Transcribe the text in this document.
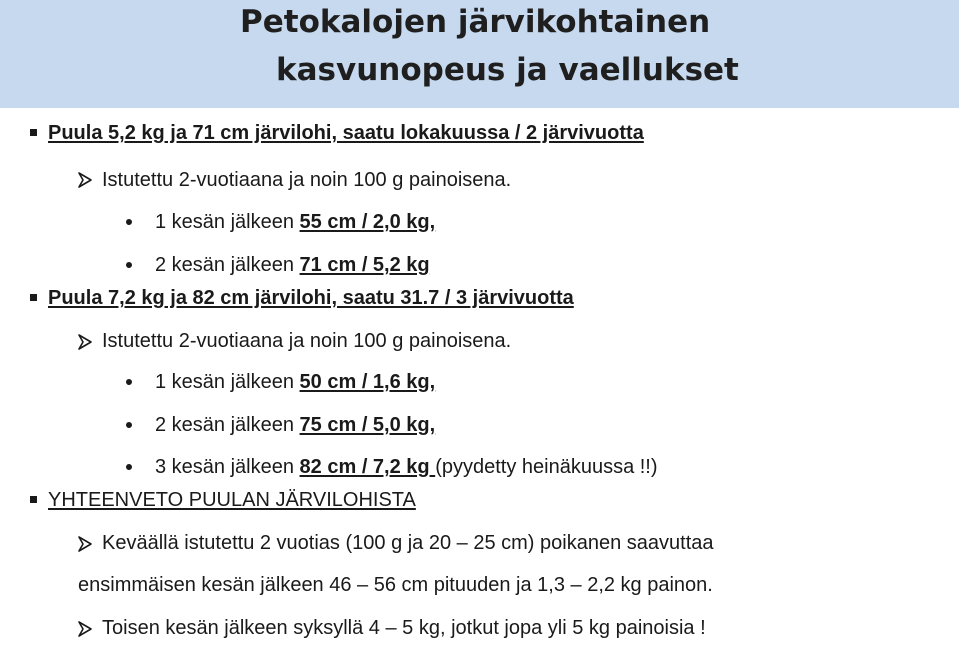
Petokalojen järvikohtainen
kasvunopeus ja vaellukset
Puula 5,2 kg ja 71 cm järvilohi, saatu lokakuussa / 2 järvivuotta
Istutettu 2-vuotiaana ja noin 100 g painoisena.
1 kesän jälkeen 55 cm / 2,0 kg,
2 kesän jälkeen 71 cm / 5,2 kg
Puula 7,2 kg ja 82 cm järvilohi, saatu 31.7 / 3 järvivuotta
Istutettu 2-vuotiaana ja noin 100 g painoisena.
1 kesän jälkeen 50 cm / 1,6 kg,
2 kesän jälkeen 75 cm / 5,0 kg,
3 kesän jälkeen 82 cm / 7,2 kg (pyydetty heinäkuussa !!)
YHTEENVETO PUULAN JÄRVILOHISTA
Keväällä istutettu 2 vuotias (100 g ja 20 – 25 cm) poikanen saavuttaa
ensimmäisen kesän jälkeen 46 – 56 cm pituuden ja 1,3 – 2,2 kg painon.
Toisen kesän jälkeen syksyllä 4 – 5 kg, jotkut jopa yli 5 kg painoisia !
